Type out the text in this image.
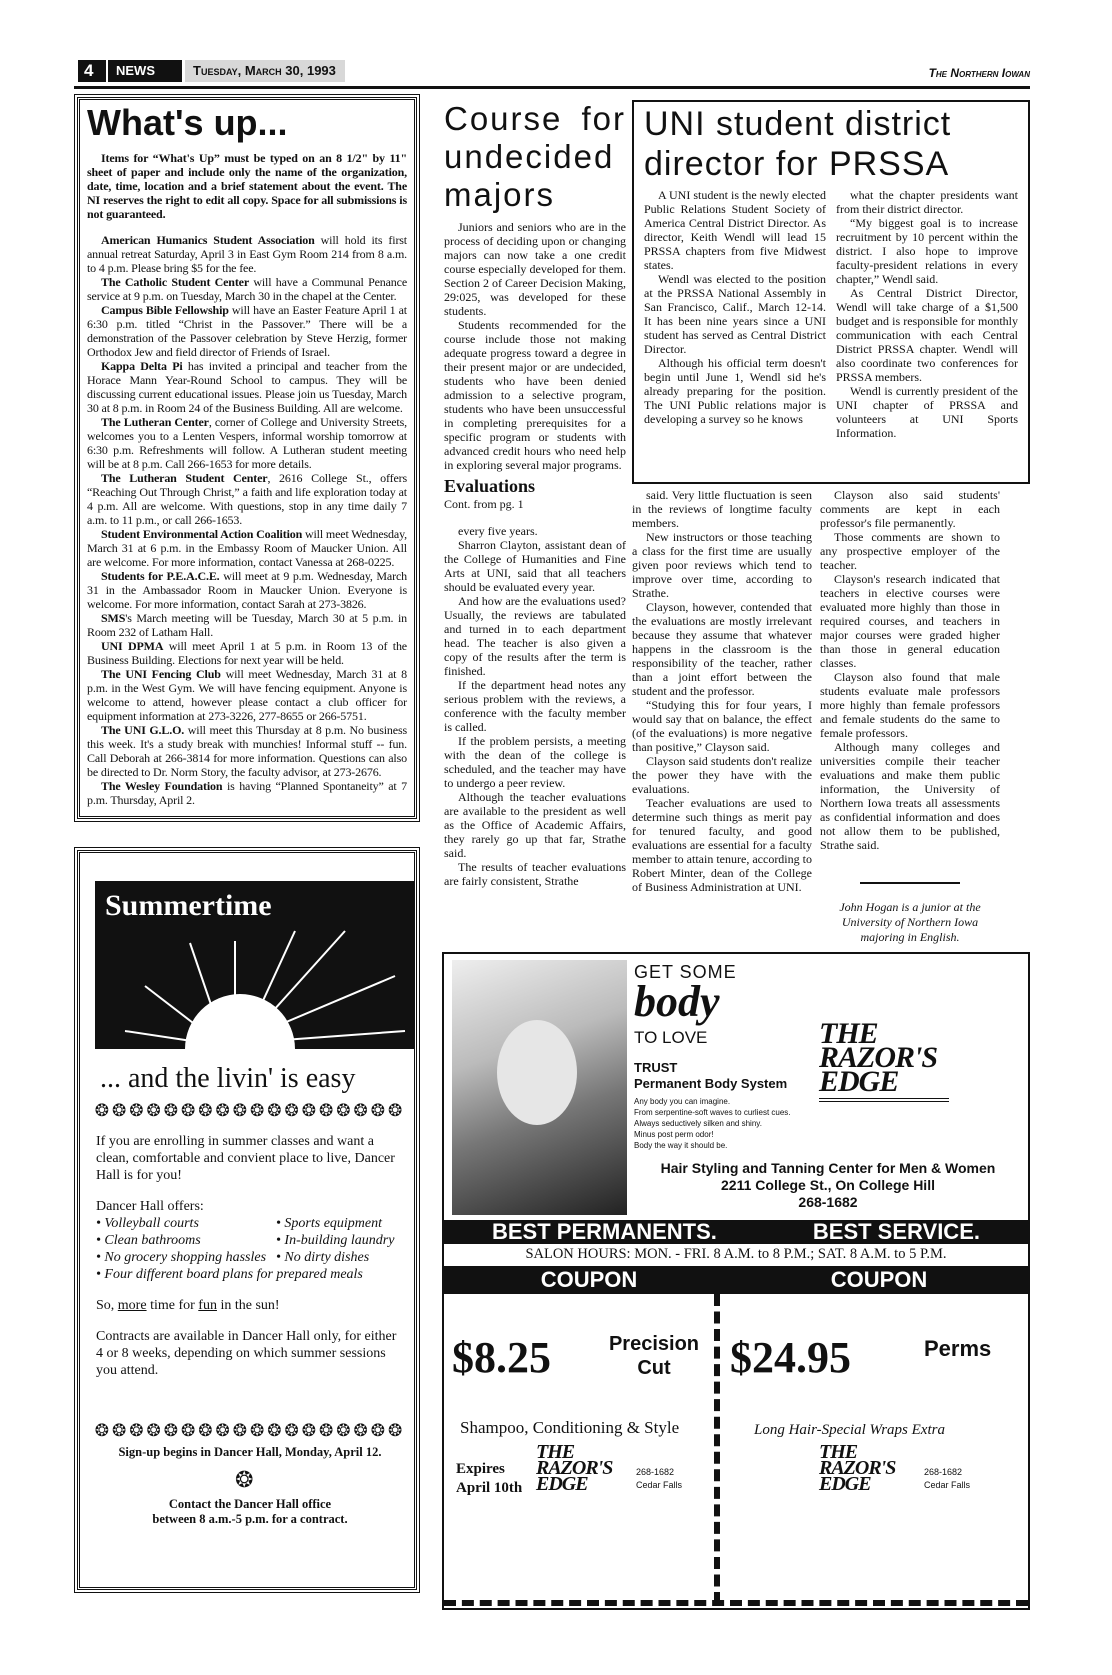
4	NEWS	Tuesday, March 30, 1993	The Northern Iowan
What's up...

Items for “What's Up” must be typed on an 8 1/2" by 11" sheet of paper and include only the name of the organization, date, time, location and a brief statement about the event. The NI reserves the right to edit all copy. Space for all submissions is not guaranteed.

American Humanics Student Association will hold its first annual retreat Saturday, April 3 in East Gym Room 214 from 8 a.m. to 4 p.m. Please bring $5 for the fee.

The Catholic Student Center will have a Communal Penance service at 9 p.m. on Tuesday, March 30 in the chapel at the Center.

Campus Bible Fellowship will have an Easter Feature April 1 at 6:30 p.m. titled “Christ in the Passover.” There will be a demonstration of the Passover celebration by Steve Herzig, former Orthodox Jew and field director of Friends of Israel.

Kappa Delta Pi has invited a principal and teacher from the Horace Mann Year-Round School to campus. They will be discussing current educational issues. Please join us Tuesday, March 30 at 8 p.m. in Room 24 of the Business Building. All are welcome.

The Lutheran Center, corner of College and University Streets, welcomes you to a Lenten Vespers, informal worship tomorrow at 6:30 p.m. Refreshments will follow. A Lutheran student meeting will be at 8 p.m. Call 266-1653 for more details.

The Lutheran Student Center, 2616 College St., offers “Reaching Out Through Christ,” a faith and life exploration today at 4 p.m. All are welcome. With questions, stop in any time daily 7 a.m. to 11 p.m., or call 266-1653.

Student Environmental Action Coalition will meet Wednesday, March 31 at 6 p.m. in the Embassy Room of Maucker Union. All are welcome. For more information, contact Vanessa at 268-0225.

Students for P.E.A.C.E. will meet at 9 p.m. Wednesday, March 31 in the Ambassador Room in Maucker Union. Everyone is welcome. For more information, contact Sarah at 273-3826.

SMS's March meeting will be Tuesday, March 30 at 5 p.m. in Room 232 of Latham Hall.

UNI DPMA will meet April 1 at 5 p.m. in Room 13 of the Business Building. Elections for next year will be held.

The UNI Fencing Club will meet Wednesday, March 31 at 8 p.m. in the West Gym. We will have fencing equipment. Anyone is welcome to attend, however please contact a club officer for equipment information at 273-3226, 277-8655 or 266-5751.

The UNI G.L.O. will meet this Thursday at 8 p.m. No business this week. It's a study break with munchies! Informal stuff -- fun. Call Deborah at 266-3814 for more information. Questions can also be directed to Dr. Norm Story, the faculty advisor, at 273-2676.

The Wesley Foundation is having “Planned Spontaneity” at 7 p.m. Thursday, April 2.

Summertime
... and the livin' is easy
❂❂❂❂❂❂❂❂❂❂❂❂❂❂❂❂❂❂

If you are enrolling in summer classes and want a clean, comfortable and convient place to live, Dancer Hall is for you!

Dancer Hall offers:

• Volleyball courts	• Sports equipment

• Clean bathrooms	• In-building laundry

• No grocery shopping hassles • No dirty dishes

• Four different board plans for prepared meals

So, more time for fun in the sun!

Contracts are available in Dancer Hall only, for either 4 or 8 weeks, depending on which summer sessions you attend.

❂❂❂❂❂❂❂❂❂❂❂❂❂❂❂❂❂❂
Sign-up begins in Dancer Hall, Monday, April 12.
❂
Contact the Dancer Hall office between 8 a.m.-5 p.m. for a contract.
Course for undecided majors

Juniors and seniors who are in the process of deciding upon or changing majors can now take a one credit course especially developed for them. Section 2 of Career Decision Making, 29:025, was developed for these students.

Students recommended for the course include those not making adequate progress toward a degree in their present major or are undecided, students who have been denied admission to a selective program, students who have been unsuccessful in completing prerequisites for a specific program or students with advanced credit hours who need help in exploring several major programs.

Evaluations
Cont. from pg. 1

every five years.

Sharron Clayton, assistant dean of the College of Humanities and Fine Arts at UNI, said that all teachers should be evaluated every year.

And how are the evaluations used? Usually, the reviews are tabulated and turned in to each department head. The teacher is also given a copy of the results after the term is finished.

If the department head notes any serious problem with the reviews, a conference with the faculty member is called.

If the problem persists, a meeting with the dean of the college is scheduled, and the teacher may have to undergo a peer review.

Although the teacher evaluations are available to the president as well as the Office of Academic Affairs, they rarely go up that far, Strathe said.

The results of teacher evaluations are fairly consistent, Strathe

UNI student district director for PRSSA

A UNI student is the newly elected Public Relations Student Society of America Central District Director. As director, Keith Wendl will lead 15 PRSSA chapters from five Midwest states.

Wendl was elected to the position at the PRSSA National Assembly in San Francisco, Calif., March 12-14. It has been nine years since a UNI student has served as Central District Director.

Although his official term doesn't begin until June 1, Wendl sid he's already preparing for the position. The UNI Public relations major is developing a survey so he knows

what the chapter presidents want from their district director.

“My biggest goal is to increase recruitment by 10 percent within the district. I also hope to improve faculty-president relations in every chapter,” Wendl said.

As Central District Director, Wendl will take charge of a $1,500 budget and is responsible for monthly communication with each Central District PRSSA chapter. Wendl will also coordinate two conferences for PRSSA members.

Wendl is currently president of the UNI chapter of PRSSA and volunteers at UNI Sports Information.

said. Very little fluctuation is seen in the reviews of longtime faculty members.

New instructors or those teaching a class for the first time are usually given poor reviews which tend to improve over time, according to Strathe.

Clayson, however, contended that the evaluations are mostly irrelevant because they assume that whatever happens in the classroom is the responsibility of the teacher, rather than a joint effort between the student and the professor.

“Studying this for four years, I would say that on balance, the effect (of the evaluations) is more negative than positive,” Clayson said.

Clayson said students don't realize the power they have with the evaluations.

Teacher evaluations are used to determine such things as merit pay for tenured faculty, and good evaluations are essential for a faculty member to attain tenure, according to Robert Minter, dean of the College of Business Administration at UNI.

Clayson also said students' comments are kept in each professor's file permanently.

Those comments are shown to any prospective employer of the teacher.

Clayson's research indicated that teachers in elective courses were evaluated more highly than those in required courses, and teachers in major courses were graded higher than those in general education classes.

Clayson also found that male students evaluate male professors more highly than female professors and female students do the same to female professors.

Although many colleges and universities compile their teacher evaluations and make them public information, the University of Northern Iowa treats all assessments as confidential information and does not allow them to be published, Strathe said.

John Hogan is a junior at the University of Northern Iowa majoring in English.
GET SOME
body
TO LOVE
TRUST
Permanent Body System
Any body you can imagine.
From serpentine-soft waves to curliest cues.
Always seductively silken and shiny.
Minus post perm odor!
Body the way it should be.
THE RAZOR'S EDGE
Hair Styling and Tanning Center for Men & Women
2211 College St., On College Hill
268-1682
BEST PERMANENTS.	BEST SERVICE.
SALON HOURS: MON. - FRI. 8 A.M. to 8 P.M.; SAT. 8 A.M. to 5 P.M.
COUPON	COUPON
$8.25	Precision Cut
Shampoo, Conditioning & Style
Expires April 10th
THE RAZOR'S EDGE
268-1682
Cedar Falls
$24.95	Perms
Long Hair-Special Wraps Extra
THE RAZOR'S EDGE
268-1682
Cedar Falls
